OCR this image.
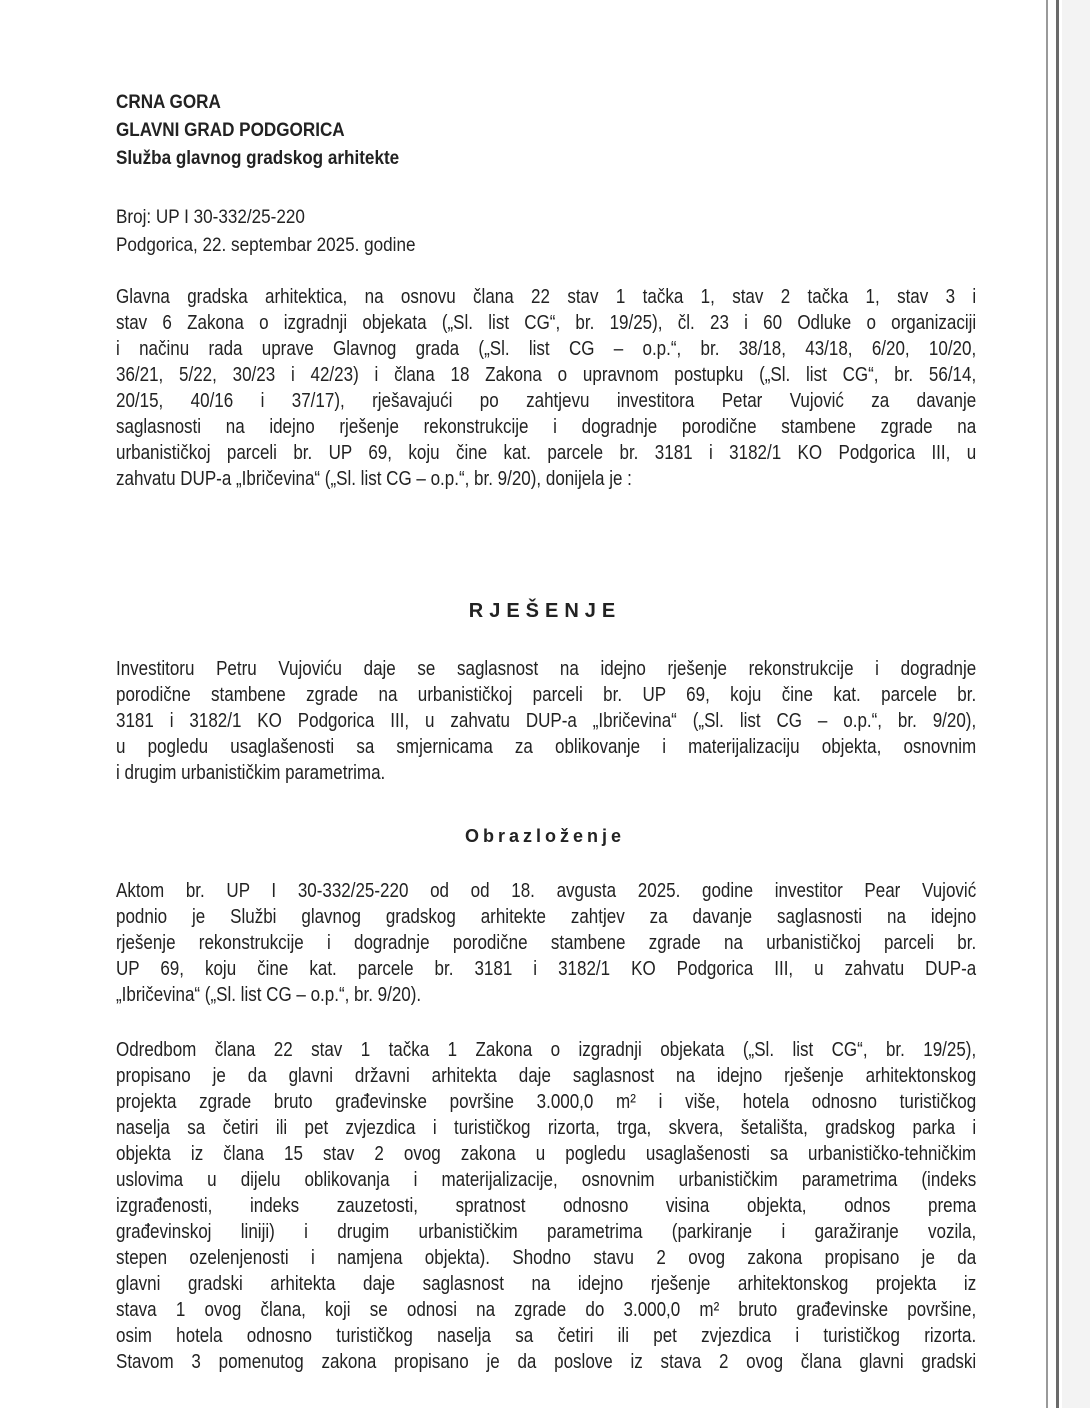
CRNA GORA
GLAVNI GRAD PODGORICA
Služba glavnog gradskog arhitekte
Broj: UP I 30-332/25-220
Podgorica, 22. septembar 2025. godine
Glavna gradska arhitektica, na osnovu člana 22 stav 1 tačka 1, stav 2 tačka 1, stav 3 i
stav 6 Zakona o izgradnji objekata („Sl. list CG“, br. 19/25), čl. 23 i 60 Odluke o organizaciji
i načinu rada uprave Glavnog grada („Sl. list CG – o.p.“, br. 38/18, 43/18, 6/20, 10/20,
36/21, 5/22, 30/23 i 42/23) i člana 18 Zakona o upravnom postupku („Sl. list CG“, br. 56/14,
20/15, 40/16 i 37/17), rješavajući po zahtjevu investitora Petar Vujović za davanje
saglasnosti na idejno rješenje rekonstrukcije i dogradnje porodične stambene zgrade na
urbanističkoj parceli br. UP 69, koju čine kat. parcele br. 3181 i 3182/1 KO Podgorica III, u
zahvatu DUP-a „Ibričevina“ („Sl. list CG – o.p.“, br. 9/20), donijela je :
RJEŠENJE
Investitoru Petru Vujoviću daje se saglasnost na idejno rješenje rekonstrukcije i dogradnje
porodične stambene zgrade na urbanističkoj parceli br. UP 69, koju čine kat. parcele br.
3181 i 3182/1 KO Podgorica III, u zahvatu DUP-a „Ibričevina“ („Sl. list CG – o.p.“, br. 9/20),
u pogledu usaglašenosti sa smjernicama za oblikovanje i materijalizaciju objekta, osnovnim
i drugim urbanističkim parametrima.
Obrazloženje
Aktom br. UP I 30-332/25-220 od od 18. avgusta 2025. godine investitor Pear Vujović
podnio je Službi glavnog gradskog arhitekte zahtjev za davanje saglasnosti na idejno
rješenje rekonstrukcije i dogradnje porodične stambene zgrade na urbanističkoj parceli br.
UP 69, koju čine kat. parcele br. 3181 i 3182/1 KO Podgorica III, u zahvatu DUP-a
„Ibričevina“ („Sl. list CG – o.p.“, br. 9/20).
Odredbom člana 22 stav 1 tačka 1 Zakona o izgradnji objekata („Sl. list CG“, br. 19/25),
propisano je da glavni državni arhitekta daje saglasnost na idejno rješenje arhitektonskog
projekta zgrade bruto građevinske površine 3.000,0 m² i više, hotela odnosno turističkog
naselja sa četiri ili pet zvjezdica i turističkog rizorta, trga, skvera, šetališta, gradskog parka i
objekta iz člana 15 stav 2 ovog zakona u pogledu usaglašenosti sa urbanističko-tehničkim
uslovima u dijelu oblikovanja i materijalizacije, osnovnim urbanističkim parametrima (indeks
izgrađenosti, indeks zauzetosti, spratnost odnosno visina objekta, odnos prema
građevinskoj liniji) i drugim urbanističkim parametrima (parkiranje i garažiranje vozila,
stepen ozelenjenosti i namjena objekta). Shodno stavu 2 ovog zakona propisano je da
glavni gradski arhitekta daje saglasnost na idejno rješenje arhitektonskog projekta iz
stava 1 ovog člana, koji se odnosi na zgrade do 3.000,0 m² bruto građevinske površine,
osim hotela odnosno turističkog naselja sa četiri ili pet zvjezdica i turističkog rizorta.
Stavom 3 pomenutog zakona propisano je da poslove iz stava 2 ovog člana glavni gradski
